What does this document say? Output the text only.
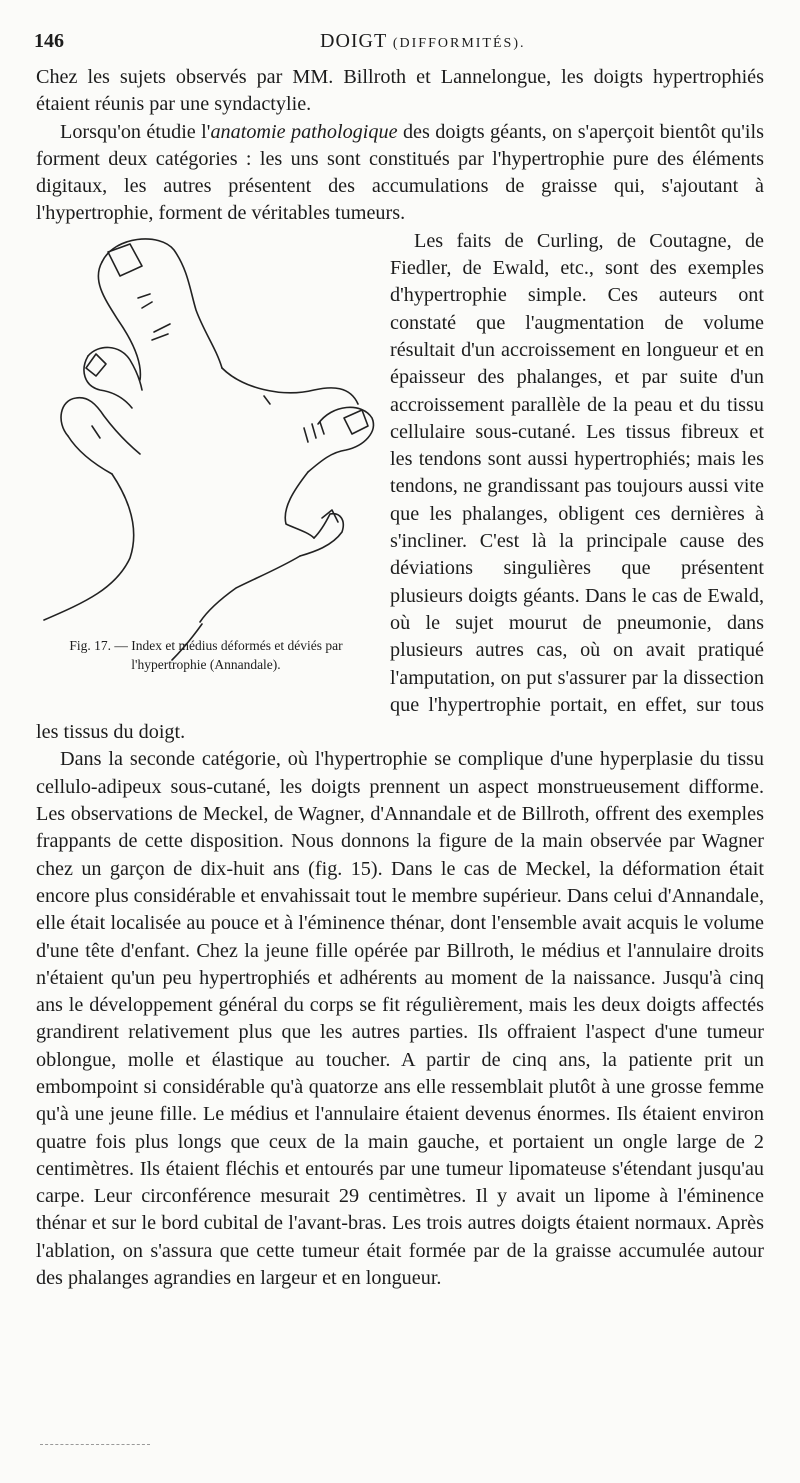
146	DOIGT (DIFFORMITÉS).

Chez les sujets observés par MM. Billroth et Lannelongue, les doigts hypertrophiés étaient réunis par une syndactylie.

Lorsqu'on étudie l'anatomie pathologique des doigts géants, on s'aperçoit bientôt qu'ils forment deux catégories : les uns sont constitués par l'hypertrophie pure des éléments digitaux, les autres présentent des accumulations de graisse qui, s'ajoutant à l'hypertrophie, forment de véritables tumeurs.

Fig. 17. — Index et médius déformés et déviés par l'hypertrophie (Annandale).

Les faits de Curling, de Coutagne, de Fiedler, de Ewald, etc., sont des exemples d'hypertrophie simple. Ces auteurs ont constaté que l'augmentation de volume résultait d'un accroissement en longueur et en épaisseur des phalanges, et par suite d'un accroissement parallèle de la peau et du tissu cellulaire sous-cutané. Les tissus fibreux et les tendons sont aussi hypertrophiés; mais les tendons, ne grandissant pas toujours aussi vite que les phalanges, obligent ces dernières à s'incliner. C'est là la principale cause des déviations singulières que présentent plusieurs doigts géants. Dans le cas de Ewald, où le sujet mourut de pneumonie, dans plusieurs autres cas, où on avait pratiqué l'amputation, on put s'assurer par la dissection que l'hypertrophie portait, en effet, sur tous les tissus du doigt.

Dans la seconde catégorie, où l'hypertrophie se complique d'une hyperplasie du tissu cellulo-adipeux sous-cutané, les doigts prennent un aspect monstrueusement difforme. Les observations de Meckel, de Wagner, d'Annandale et de Billroth, offrent des exemples frappants de cette disposition. Nous donnons la figure de la main observée par Wagner chez un garçon de dix-huit ans (fig. 15). Dans le cas de Meckel, la déformation était encore plus considérable et envahissait tout le membre supérieur. Dans celui d'Annandale, elle était localisée au pouce et à l'éminence thénar, dont l'ensemble avait acquis le volume d'une tête d'enfant. Chez la jeune fille opérée par Billroth, le médius et l'annulaire droits n'étaient qu'un peu hypertrophiés et adhérents au moment de la naissance. Jusqu'à cinq ans le développement général du corps se fit régulièrement, mais les deux doigts affectés grandirent relativement plus que les autres parties. Ils offraient l'aspect d'une tumeur oblongue, molle et élastique au toucher. A partir de cinq ans, la patiente prit un embompoint si considérable qu'à quatorze ans elle ressemblait plutôt à une grosse femme qu'à une jeune fille. Le médius et l'annulaire étaient devenus énormes. Ils étaient environ quatre fois plus longs que ceux de la main gauche, et portaient un ongle large de 2 centimètres. Ils étaient fléchis et entourés par une tumeur lipomateuse s'étendant jusqu'au carpe. Leur circonférence mesurait 29 centimètres. Il y avait un lipome à l'éminence thénar et sur le bord cubital de l'avant-bras. Les trois autres doigts étaient normaux. Après l'ablation, on s'assura que cette tumeur était formée par de la graisse accumulée autour des phalanges agrandies en largeur et en longueur.
